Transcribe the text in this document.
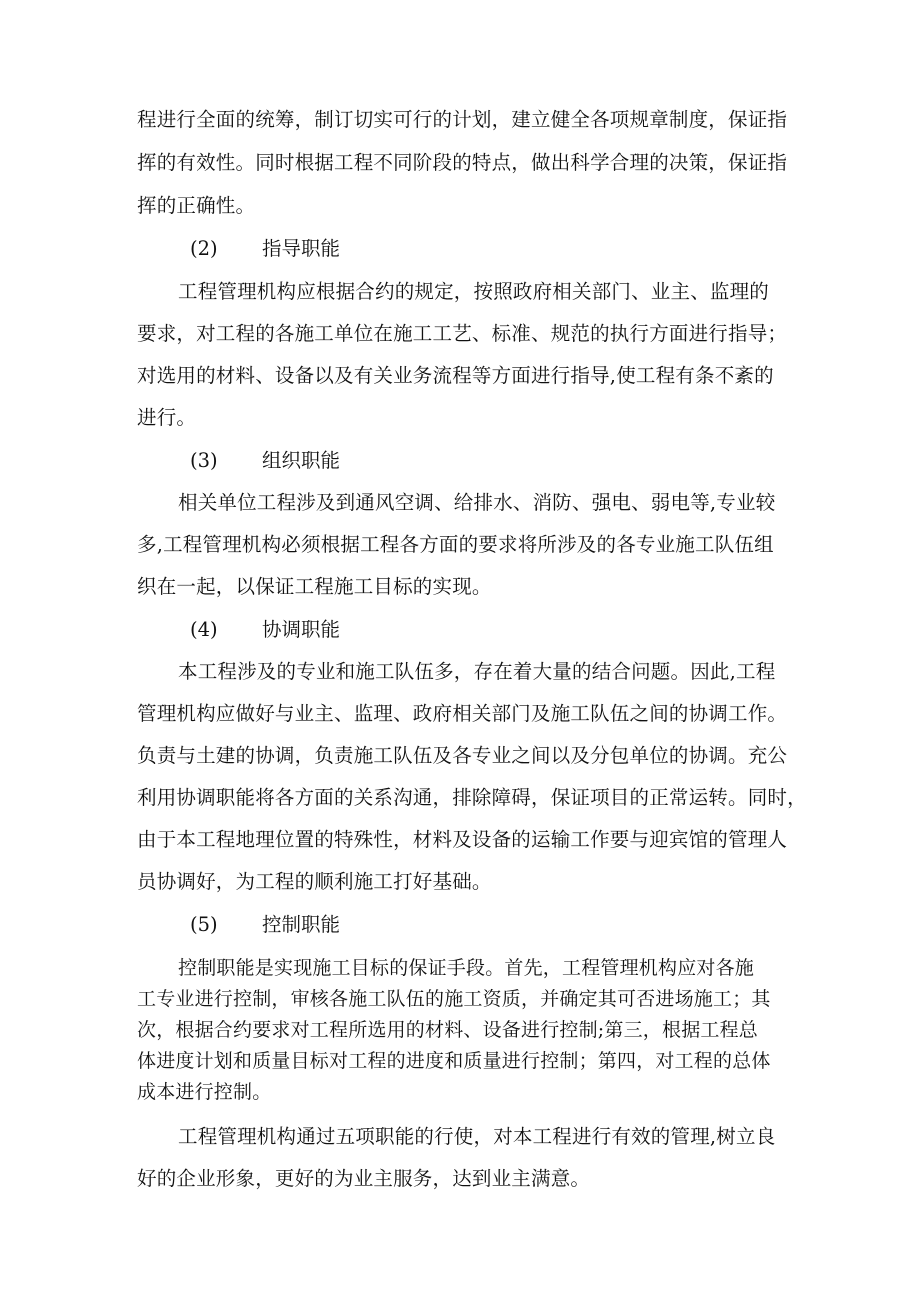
程进行全面的统筹，制订切实可行的计划，建立健全各项规章制度，保证指
挥的有效性。同时根据工程不同阶段的特点，做出科学合理的决策，保证指
挥的正确性。
(2) 指导职能
工程管理机构应根据合约的规定，按照政府相关部门、业主、监理的
要求，对工程的各施工单位在施工工艺、标准、规范的执行方面进行指导；
对选用的材料、设备以及有关业务流程等方面进行指导,使工程有条不紊的
进行。
(3) 组织职能
相关单位工程涉及到通风空调、给排水、消防、强电、弱电等,专业较
多,工程管理机构必须根据工程各方面的要求将所涉及的各专业施工队伍组
织在一起，以保证工程施工目标的实现。
(4) 协调职能
本工程涉及的专业和施工队伍多，存在着大量的结合问题。因此,工程
管理机构应做好与业主、监理、政府相关部门及施工队伍之间的协调工作。
负责与土建的协调，负责施工队伍及各专业之间以及分包单位的协调。充公
利用协调职能将各方面的关系沟通，排除障碍，保证项目的正常运转。同时，
由于本工程地理位置的特殊性，材料及设备的运输工作要与迎宾馆的管理人
员协调好，为工程的顺利施工打好基础。
(5) 控制职能
控制职能是实现施工目标的保证手段。首先，工程管理机构应对各施
工专业进行控制，审核各施工队伍的施工资质，并确定其可否进场施工；其
次，根据合约要求对工程所选用的材料、设备进行控制;第三，根据工程总
体进度计划和质量目标对工程的进度和质量进行控制；第四，对工程的总体
成本进行控制。
工程管理机构通过五项职能的行使，对本工程进行有效的管理,树立良
好的企业形象，更好的为业主服务，达到业主满意。
